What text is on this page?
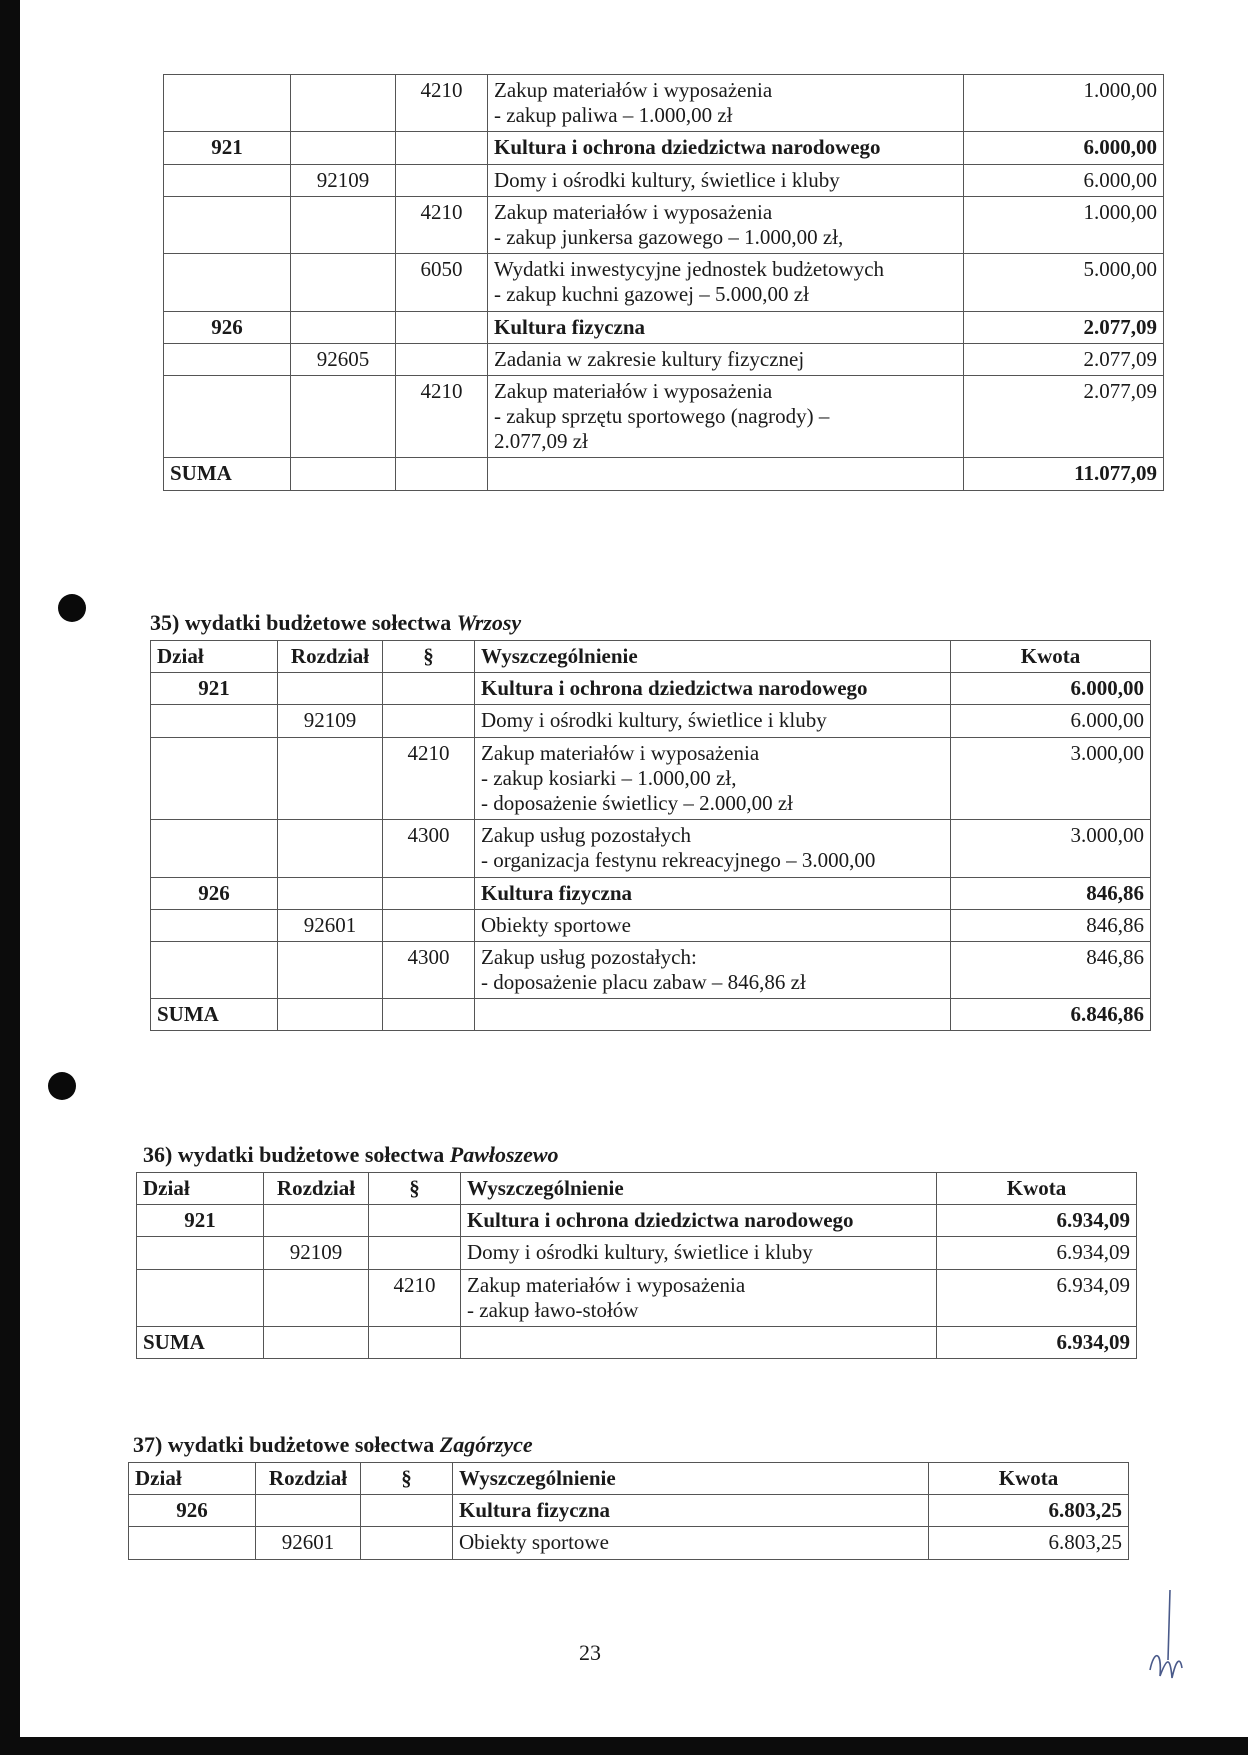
		4210	Zakup materiałów i wyposażenia
- zakup paliwa – 1.000,00 zł	1.000,00
921			Kultura i ochrona dziedzictwa narodowego	6.000,00
	92109		Domy i ośrodki kultury, świetlice i kluby	6.000,00
		4210	Zakup materiałów i wyposażenia
- zakup junkersa gazowego – 1.000,00 zł,	1.000,00
		6050	Wydatki inwestycyjne jednostek budżetowych
- zakup kuchni gazowej – 5.000,00 zł	5.000,00
926			Kultura fizyczna	2.077,09
	92605		Zadania w zakresie kultury fizycznej	2.077,09
		4210	Zakup materiałów i wyposażenia
- zakup sprzętu sportowego (nagrody) –
2.077,09 zł	2.077,09
SUMA				11.077,09
35) wydatki budżetowe sołectwa Wrzosy
Dział	Rozdział	§	Wyszczególnienie	Kwota
921			Kultura i ochrona dziedzictwa narodowego	6.000,00
	92109		Domy i ośrodki kultury, świetlice i kluby	6.000,00
		4210	Zakup materiałów i wyposażenia
- zakup kosiarki – 1.000,00 zł,
- doposażenie świetlicy – 2.000,00 zł	3.000,00
		4300	Zakup usług pozostałych
- organizacja festynu rekreacyjnego – 3.000,00	3.000,00
926			Kultura fizyczna	846,86
	92601		Obiekty sportowe	846,86
		4300	Zakup usług pozostałych:
- doposażenie placu zabaw – 846,86 zł	846,86
SUMA				6.846,86
36) wydatki budżetowe sołectwa Pawłoszewo
Dział	Rozdział	§	Wyszczególnienie	Kwota
921			Kultura i ochrona dziedzictwa narodowego	6.934,09
	92109		Domy i ośrodki kultury, świetlice i kluby	6.934,09
		4210	Zakup materiałów i wyposażenia
- zakup ławo-stołów	6.934,09
SUMA				6.934,09
37) wydatki budżetowe sołectwa Zagórzyce
Dział	Rozdział	§	Wyszczególnienie	Kwota
926			Kultura fizyczna	6.803,25
	92601		Obiekty sportowe	6.803,25
23
